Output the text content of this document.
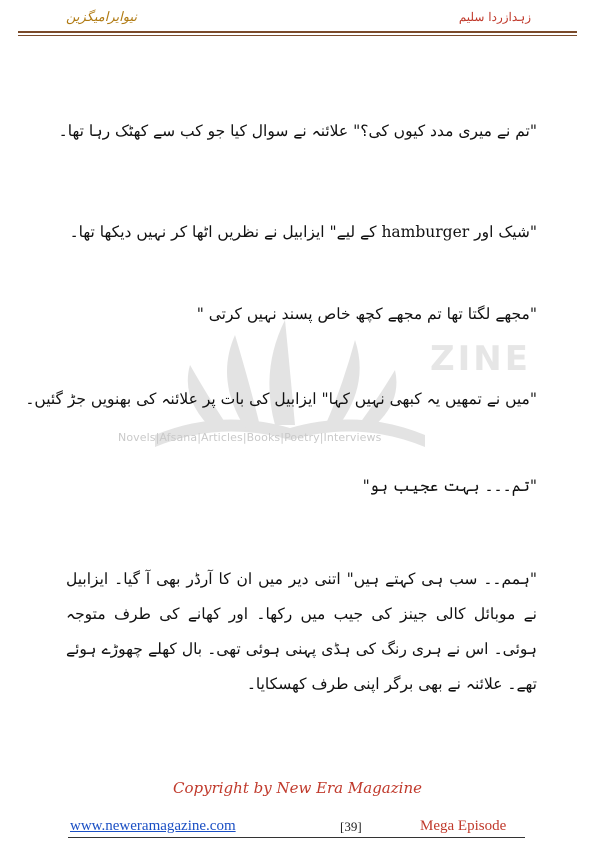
نیوایرامیگزین	زہدازردا سلیم
ZINE
Novels|Afsana|Articles|Books|Poetry|Interviews

"تم نے میری مدد کیوں کی؟" علائنہ نے سوال کیا جو کب سے کھٹک رہا تھا۔

"شیک اور hamburger کے لیے" ایزابیل نے نظریں اٹھا کر نہیں دیکھا تھا۔

"مجھے لگتا تھا تم مجھے کچھ خاص پسند نہیں کرتی "

"میں نے تمھیں یہ کبھی نہیں کہا" ایزابیل کی بات پر علائنہ کی بھنویں جڑ گئیں۔

"تم۔۔۔ بہت عجیب ہو"

"ہمم۔۔ سب ہی کہتے ہیں" اتنی دیر میں ان کا آرڈر بھی آ گیا۔ ایزابیل نے موبائل کالی جینز کی جیب میں رکھا۔ اور کھانے کی طرف متوجہ ہوئی۔ اس نے ہری رنگ کی ہڈی پہنی ہوئی تھی۔ بال کھلے چھوڑے ہوئے تھے۔ علائنہ نے بھی برگر اپنی طرف کھسکایا۔

Copyright by New Era Magazine
www.neweramagazine.com	[39]	Mega Episode
